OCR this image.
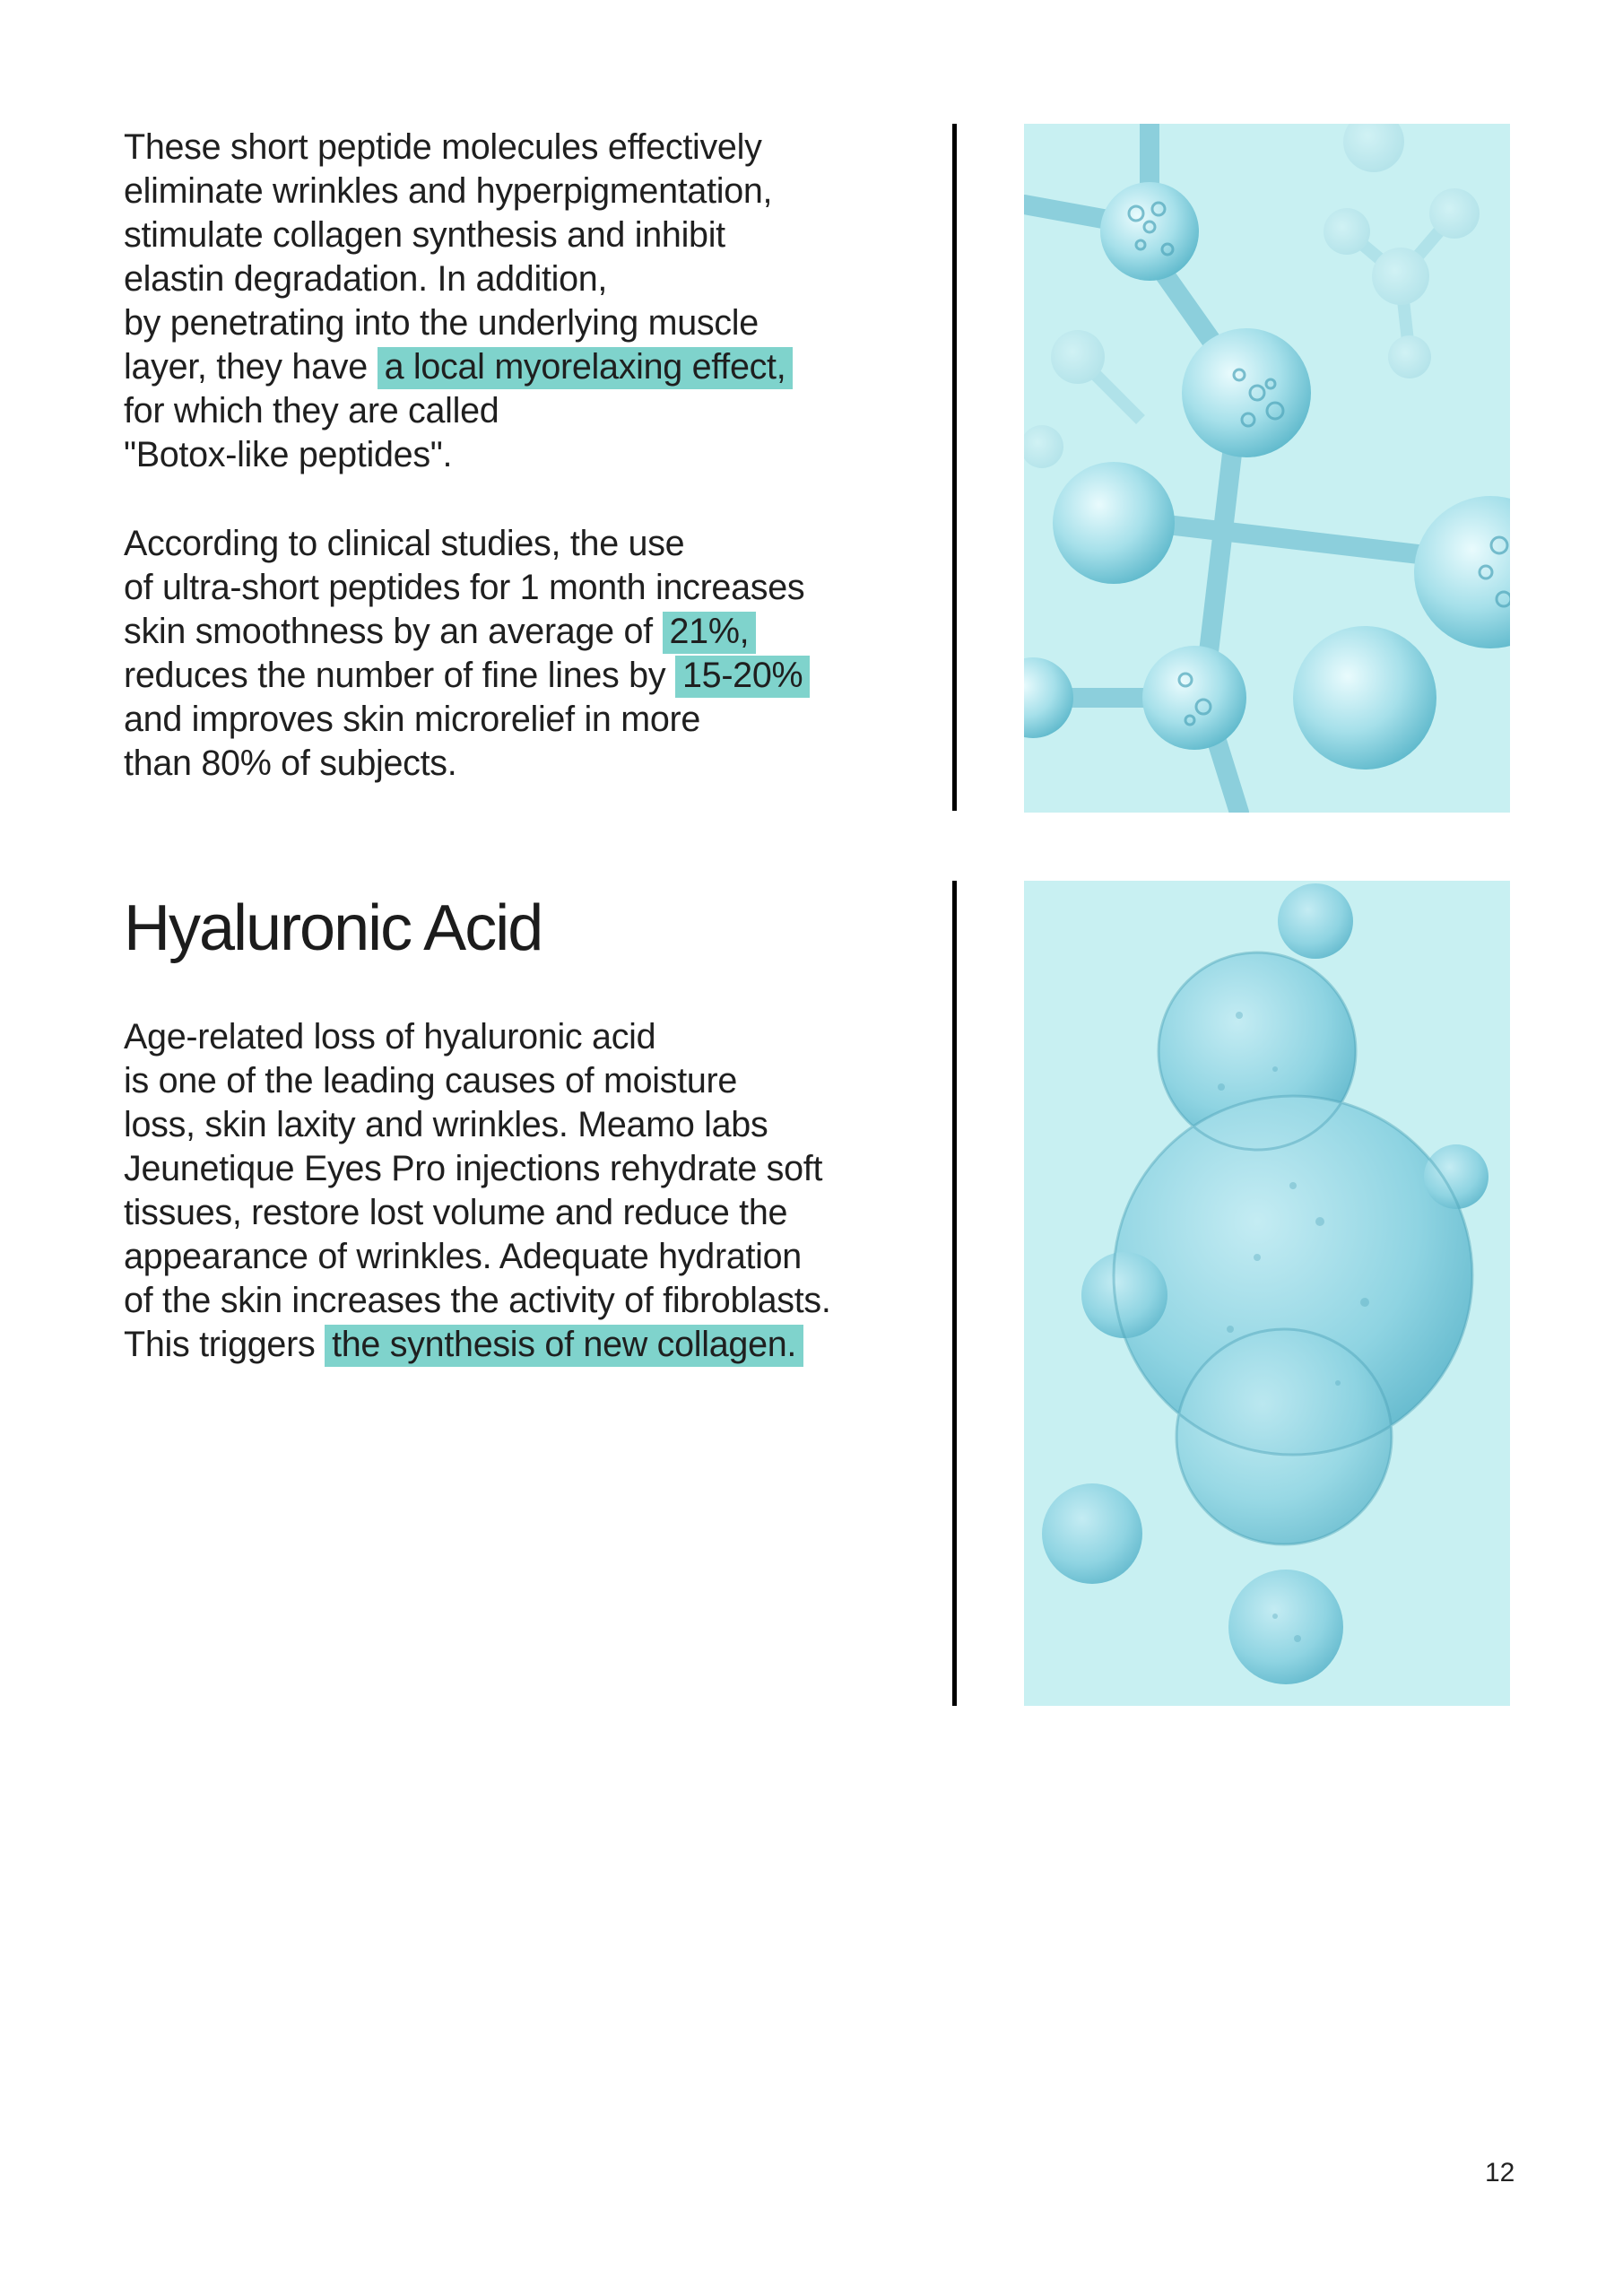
These short peptide molecules effectively
eliminate wrinkles and hyperpigmentation,
stimulate collagen synthesis and inhibit
elastin degradation. In addition,
by penetrating into the underlying muscle
layer, they have a local myorelaxing effect,
for which they are called
"Botox-like peptides".
According to clinical studies, the use
of ultra-short peptides for 1 month increases
skin smoothness by an average of 21%,
reduces the number of fine lines by 15-20%
and improves skin microrelief in more
than 80% of subjects.
Hyaluronic Acid
Age-related loss of hyaluronic acid
is one of the leading causes of moisture
loss, skin laxity and wrinkles. Meamo labs
Jeunetique Eyes Pro injections rehydrate soft
tissues, restore lost volume and reduce the
appearance of wrinkles. Adequate hydration
of the skin increases the activity of fibroblasts.
This triggers the synthesis of new collagen.
12
